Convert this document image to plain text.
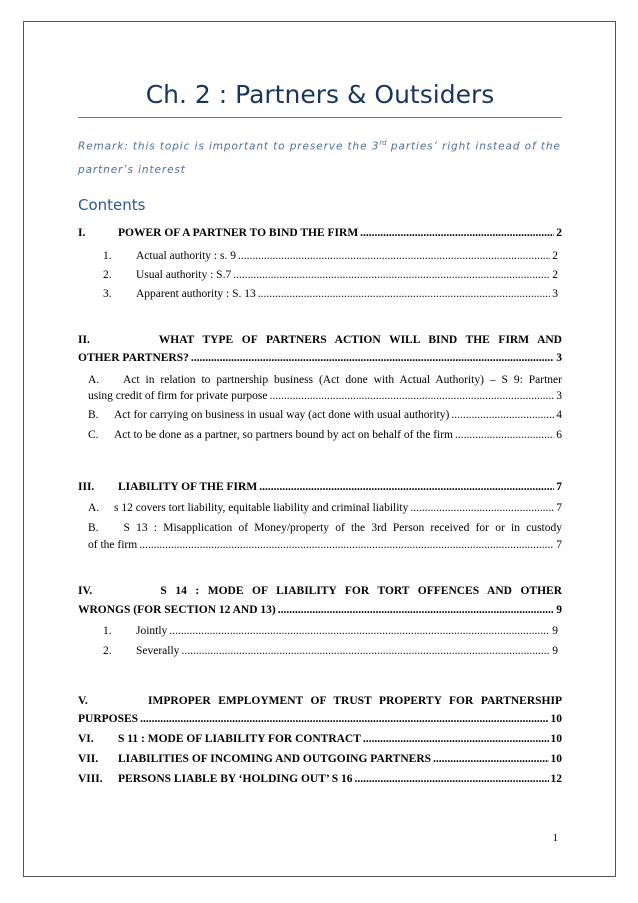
Ch. 2 : Partners & Outsiders
Remark: this topic is important to preserve the 3rd parties’ right instead of the
partner’s interest
Contents
I.	POWER OF A PARTNER TO BIND THE FIRM .....	2
1.	Actual authority : s. 9 .....	2
2.	Usual authority : S.7 .....	2
3.	Apparent authority : S. 13 .....	3
II.	WHAT TYPE OF PARTNERS ACTION WILL BIND THE FIRM AND
OTHER PARTNERS? .....	3
A. Act in relation to partnership business (Act done with Actual Authority) – S 9: Partner
using credit of firm for private purpose .....	3
B.	Act for carrying on business in usual way (act done with usual authority) .....	4
C.	Act to be done as a partner, so partners bound by act on behalf of the firm .....	6
III.	LIABILITY OF THE FIRM .....	7
A.	s 12 covers tort liability, equitable liability and criminal liability .....	7
B. S 13 : Misapplication of Money/property of the 3rd Person received for or in custody
of the firm .....	7
IV.	S 14 : MODE OF LIABILITY FOR TORT OFFENCES AND OTHER
WRONGS (FOR SECTION 12 AND 13) .....	9
1.	Jointly .....	9
2.	Severally .....	9
V.	IMPROPER EMPLOYMENT OF TRUST PROPERTY FOR PARTNERSHIP
PURPOSES .....	10
VI.	S 11 : MODE OF LIABILITY FOR CONTRACT .....	10
VII.	LIABILITIES OF INCOMING AND OUTGOING PARTNERS .....	10
VIII.	PERSONS LIABLE BY ‘HOLDING OUT’ S 16 .....	12
1
